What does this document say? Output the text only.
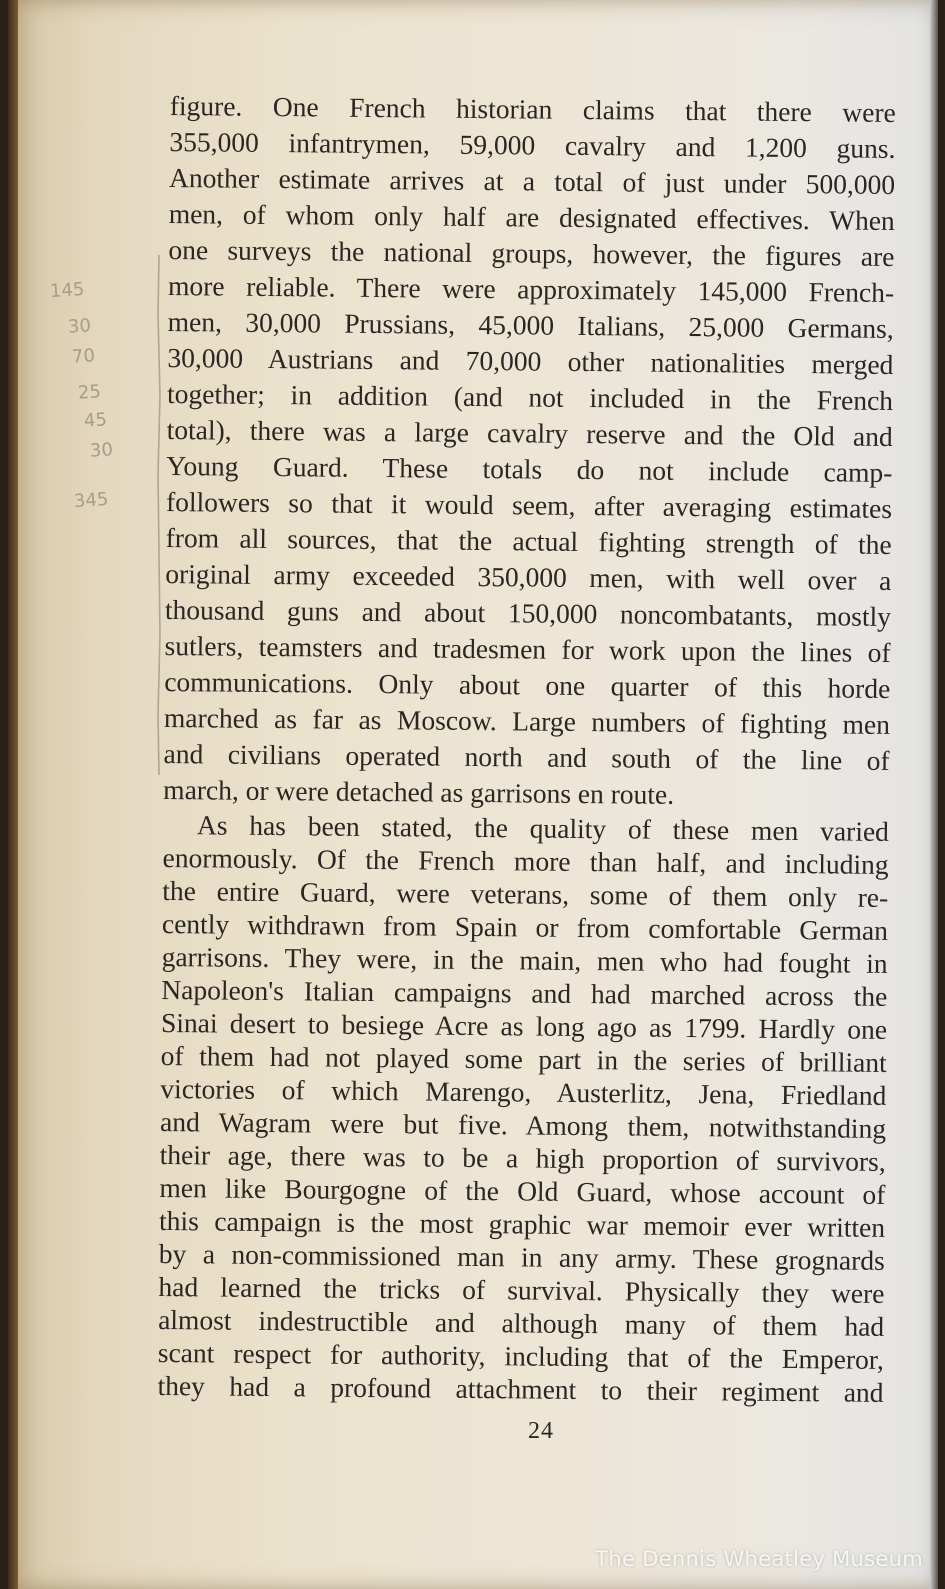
145
30
70
25
45
30
345
figure. One French historian claims that there were
355,000 infantrymen, 59,000 cavalry and 1,200 guns.
Another estimate arrives at a total of just under 500,000
men, of whom only half are designated effectives. When
one surveys the national groups, however, the figures are
more reliable. There were approximately 145,000 French-
men, 30,000 Prussians, 45,000 Italians, 25,000 Germans,
30,000 Austrians and 70,000 other nationalities merged
together; in addition (and not included in the French
total), there was a large cavalry reserve and the Old and
Young Guard. These totals do not include camp-
followers so that it would seem, after averaging estimates
from all sources, that the actual fighting strength of the
original army exceeded 350,000 men, with well over a
thousand guns and about 150,000 noncombatants, mostly
sutlers, teamsters and tradesmen for work upon the lines of
communications. Only about one quarter of this horde
marched as far as Moscow. Large numbers of fighting men
and civilians operated north and south of the line of
march, or were detached as garrisons en route.
As has been stated, the quality of these men varied
enormously. Of the French more than half, and including
the entire Guard, were veterans, some of them only re-
cently withdrawn from Spain or from comfortable German
garrisons. They were, in the main, men who had fought in
Napoleon's Italian campaigns and had marched across the
Sinai desert to besiege Acre as long ago as 1799. Hardly one
of them had not played some part in the series of brilliant
victories of which Marengo, Austerlitz, Jena, Friedland
and Wagram were but five. Among them, notwithstanding
their age, there was to be a high proportion of survivors,
men like Bourgogne of the Old Guard, whose account of
this campaign is the most graphic war memoir ever written
by a non-commissioned man in any army. These grognards
had learned the tricks of survival. Physically they were
almost indestructible and although many of them had
scant respect for authority, including that of the Emperor,
they had a profound attachment to their regiment and
24
The Dennis Wheatley Museum
